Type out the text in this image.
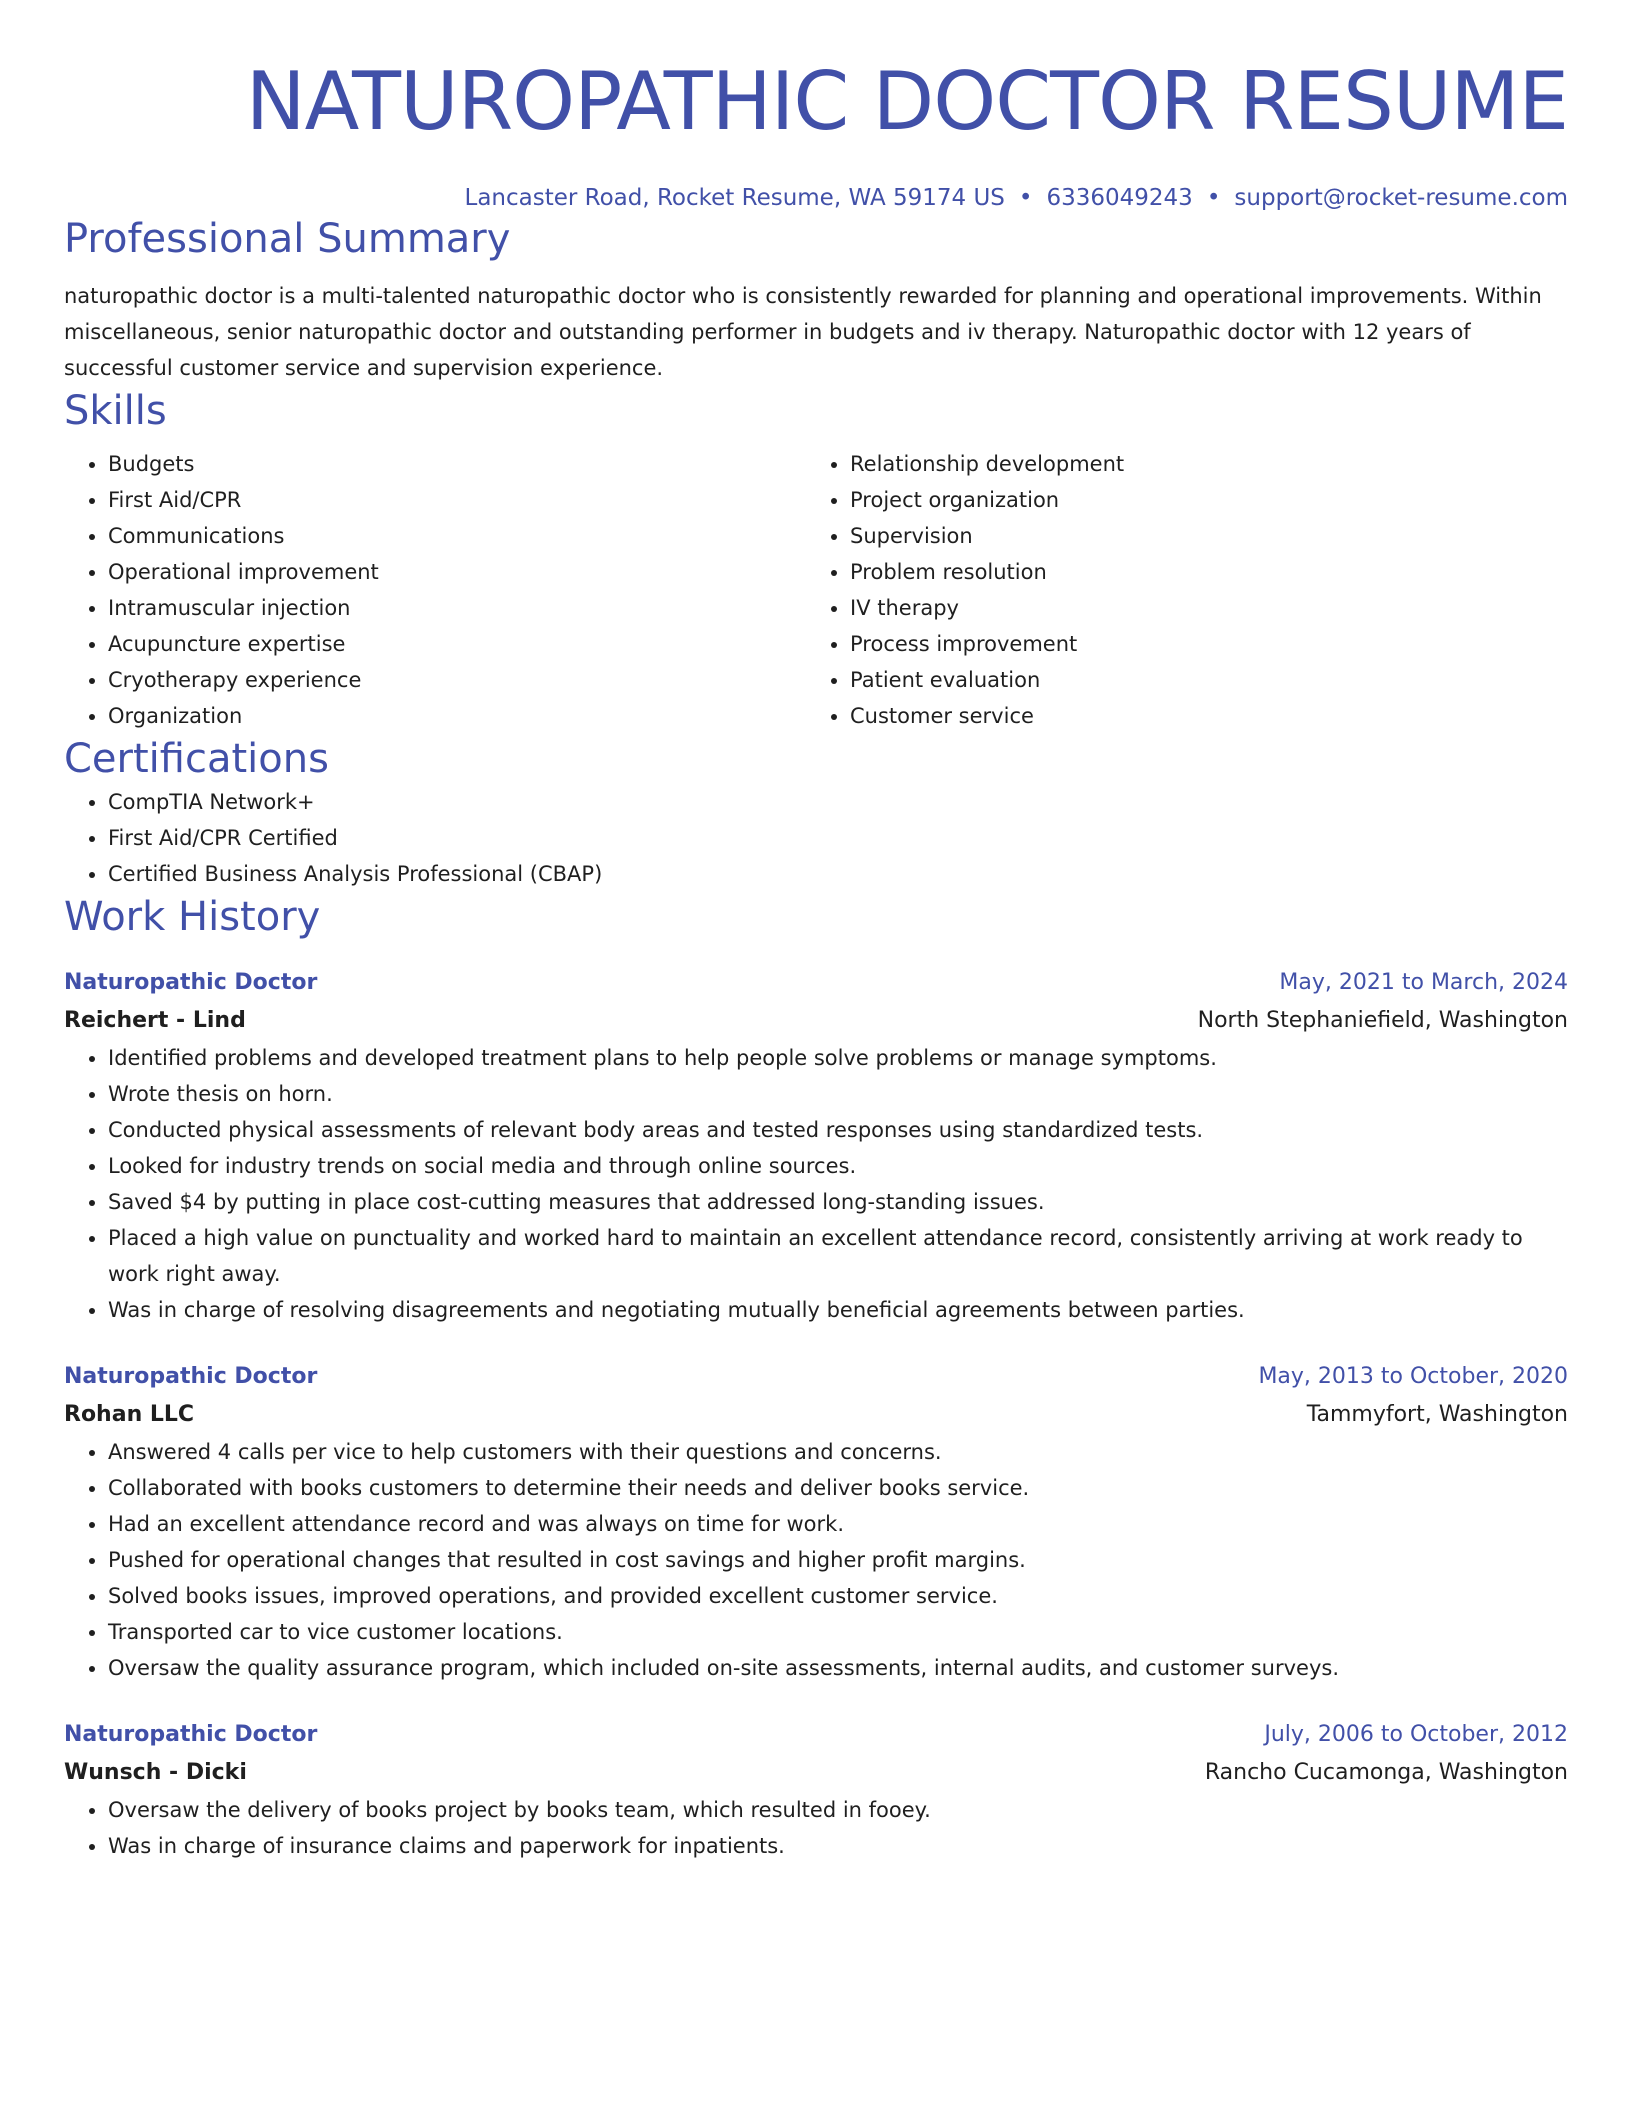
NATUROPATHIC DOCTOR RESUME
Lancaster Road, Rocket Resume, WA 59174 US • 6336049243 • support@rocket-resume.com
Professional Summary

naturopathic doctor is a multi-talented naturopathic doctor who is consistently rewarded for planning and operational improvements. Within miscellaneous, senior naturopathic doctor and outstanding performer in budgets and iv therapy. Naturopathic doctor with 12 years of successful customer service and supervision experience.

Skills
• Budgets
• First Aid/CPR
• Communications
• Operational improvement
• Intramuscular injection
• Acupuncture expertise
• Cryotherapy experience
• Organization
• Relationship development
• Project organization
• Supervision
• Problem resolution
• IV therapy
• Process improvement
• Patient evaluation
• Customer service
Certifications
• CompTIA Network+
• First Aid/CPR Certified
• Certified Business Analysis Professional (CBAP)
Work History
Naturopathic Doctor	May, 2021 to March, 2024
Reichert - Lind	North Stephaniefield, Washington
• Identified problems and developed treatment plans to help people solve problems or manage symptoms.
• Wrote thesis on horn.
• Conducted physical assessments of relevant body areas and tested responses using standardized tests.
• Looked for industry trends on social media and through online sources.
• Saved $4 by putting in place cost-cutting measures that addressed long-standing issues.
• Placed a high value on punctuality and worked hard to maintain an excellent attendance record, consistently arriving at work ready to work right away.
• Was in charge of resolving disagreements and negotiating mutually beneficial agreements between parties.
Naturopathic Doctor	May, 2013 to October, 2020
Rohan LLC	Tammyfort, Washington
• Answered 4 calls per vice to help customers with their questions and concerns.
• Collaborated with books customers to determine their needs and deliver books service.
• Had an excellent attendance record and was always on time for work.
• Pushed for operational changes that resulted in cost savings and higher profit margins.
• Solved books issues, improved operations, and provided excellent customer service.
• Transported car to vice customer locations.
• Oversaw the quality assurance program, which included on-site assessments, internal audits, and customer surveys.
Naturopathic Doctor	July, 2006 to October, 2012
Wunsch - Dicki	Rancho Cucamonga, Washington
• Oversaw the delivery of books project by books team, which resulted in fooey.
• Was in charge of insurance claims and paperwork for inpatients.
